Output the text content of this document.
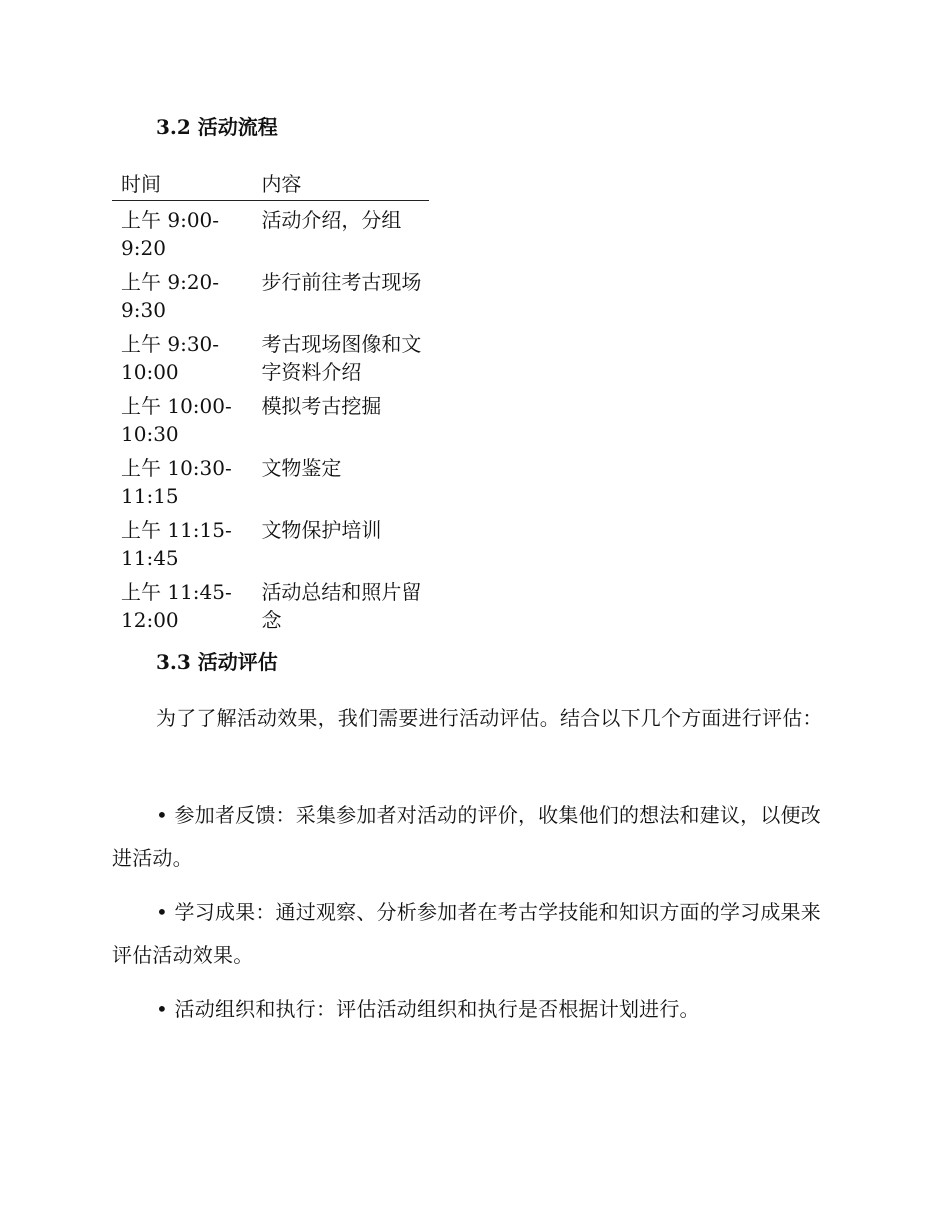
3.2 活动流程
时间	内容

上午 9:00-
9:20	活动介绍，分组

上午 9:20-
9:30	步行前往考古现场

上午 9:30-
10:00	考古现场图像和文字资料介绍

上午 10:00-
10:30	模拟考古挖掘

上午 10:30-
11:15	文物鉴定

上午 11:15-
11:45	文物保护培训

上午 11:45-
12:00	活动总结和照片留念
3.3 活动评估

为了了解活动效果，我们需要进行活动评估。结合以下几个方面进行评估：

• 参加者反馈：采集参加者对活动的评价，收集他们的想法和建议，以便改进活动。

• 学习成果：通过观察、分析参加者在考古学技能和知识方面的学习成果来评估活动效果。

• 活动组织和执行：评估活动组织和执行是否根据计划进行。
